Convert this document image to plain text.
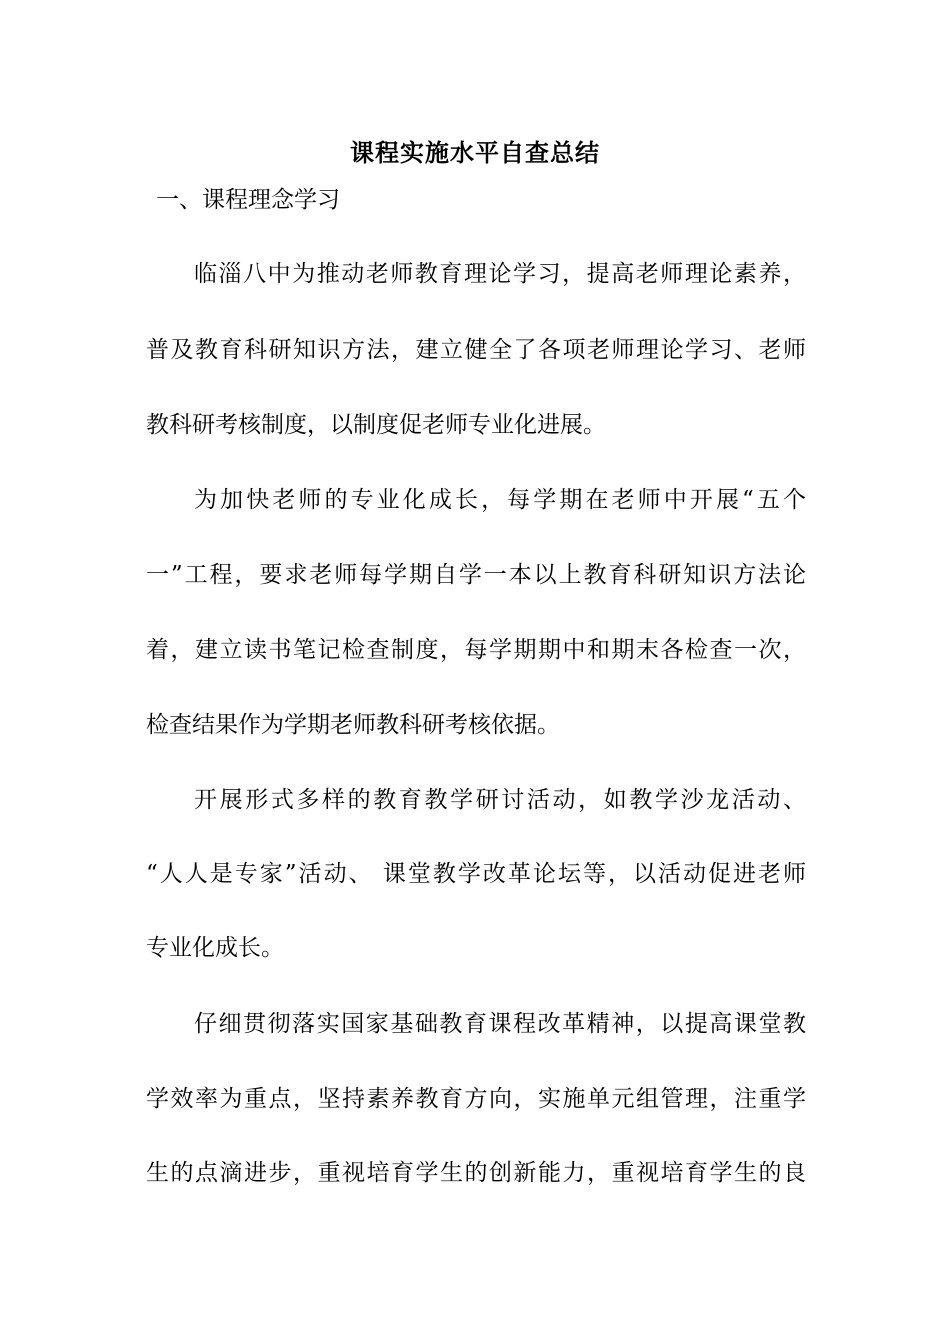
课程实施水平自查总结
一、课程理念学习
临淄八中为推动老师教育理论学习，提高老师理论素养，
普及教育科研知识方法，建立健全了各项老师理论学习、老师
教科研考核制度，以制度促老师专业化进展。
为加快老师的专业化成长，每学期在老师中开展“五个
一”工程，要求老师每学期自学一本以上教育科研知识方法论
着，建立读书笔记检查制度，每学期期中和期末各检查一次，
检查结果作为学期老师教科研考核依据。
开展形式多样的教育教学研讨活动，如教学沙龙活动、
“人人是专家”活动、 课堂教学改革论坛等，以活动促进老师
专业化成长。
仔细贯彻落实国家基础教育课程改革精神，以提高课堂教
学效率为重点，坚持素养教育方向，实施单元组管理，注重学
生的点滴进步，重视培育学生的创新能力，重视培育学生的良
